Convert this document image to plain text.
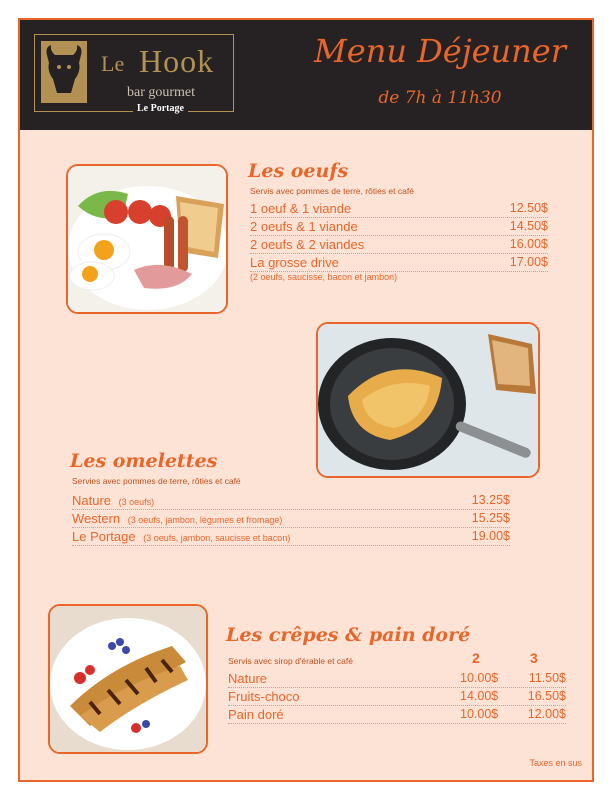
Le Hook
bar gourmet
Le Portage
Menu Déjeuner
de 7h à 11h30
Les oeufs
Servis avec pommes de terre, rôties et café
1 oeuf & 1 viande	12.50$
2 oeufs & 1 viande	14.50$
2 oeufs & 2 viandes	16.00$
La grosse drive	17.00$
(2 oeufs, saucisse, bacon et jambon)
Les omelettes
Servies avec pommes de terre, rôties et café
Nature (3 oeufs)	13.25$
Western (3 oeufs, jambon, légumes et fromage)	15.25$
Le Portage (3 oeufs, jambon, saucisse et bacon)	19.00$
Les crêpes & pain doré
Servis avec sirop d'érable et café	2	3
Nature	10.00$ 11.50$
Fruits-choco	14.00$ 16.50$
Pain doré	10.00$ 12.00$
Taxes en sus
